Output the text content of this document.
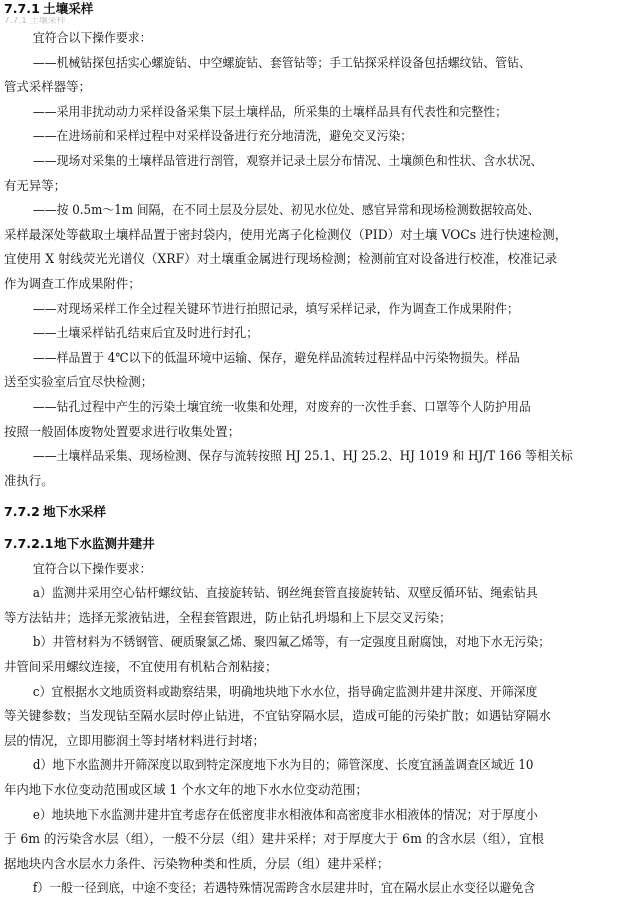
7.7.1 土壤采样
7.7.1 土壤采样
宜符合以下操作要求：
——机械钻探包括实心螺旋钻、中空螺旋钻、套管钻等；手工钻探采样设备包括螺纹钻、管钻、
管式采样器等；
——采用非扰动动力采样设备采集下层土壤样品，所采集的土壤样品具有代表性和完整性；
——在进场前和采样过程中对采样设备进行充分地清洗，避免交叉污染；
——现场对采集的土壤样品管进行剖管，观察并记录土层分布情况、土壤颜色和性状、含水状况、
有无异等；
——按 0.5m～1m 间隔，在不同土层及分层处、初见水位处、感官异常和现场检测数据较高处、
采样最深处等截取土壤样品置于密封袋内，使用光离子化检测仪（PID）对土壤 VOCs 进行快速检测，
宜使用 X 射线荧光光谱仪（XRF）对土壤重金属进行现场检测；检测前宜对设备进行校准，校准记录
作为调查工作成果附件；
——对现场采样工作全过程关键环节进行拍照记录，填写采样记录，作为调查工作成果附件；
——土壤采样钻孔结束后宜及时进行封孔；
——样品置于 4℃以下的低温环境中运输、保存，避免样品流转过程样品中污染物损失。样品
送至实验室后宜尽快检测；
——钻孔过程中产生的污染土壤宜统一收集和处理，对废弃的一次性手套、口罩等个人防护用品
按照一般固体废物处置要求进行收集处置；
——土壤样品采集、现场检测、保存与流转按照 HJ 25.1、HJ 25.2、HJ 1019 和 HJ/T 166 等相关标
准执行。
7.7.2 地下水采样
7.7.2.1 地下水监测井建井
宜符合以下操作要求：
a）监测井采用空心钻杆螺纹钻、直接旋转钻、钢丝绳套管直接旋转钻、双壁反循环钻、绳索钻具
等方法钻井；选择无浆液钻进，全程套管跟进，防止钻孔坍塌和上下层交叉污染；
b）井管材料为不锈钢管、硬质聚氯乙烯、聚四氟乙烯等，有一定强度且耐腐蚀，对地下水无污染；
井管间采用螺纹连接，不宜使用有机粘合剂粘接；
c）宜根据水文地质资料或勘察结果，明确地块地下水水位，指导确定监测井建井深度、开筛深度
等关键参数；当发现钻至隔水层时停止钻进，不宜钻穿隔水层，造成可能的污染扩散；如遇钻穿隔水
层的情况，立即用膨润土等封堵材料进行封堵；
d）地下水监测井开筛深度以取到特定深度地下水为目的；筛管深度、长度宜涵盖调查区域近 10
年内地下水位变动范围或区域 1 个水文年的地下水水位变动范围；
e）地块地下水监测井建井宜考虑存在低密度非水相液体和高密度非水相液体的情况；对于厚度小
于 6m 的污染含水层（组），一般不分层（组）建井采样；对于厚度大于 6m 的含水层（组），宜根
据地块内含水层水力条件、污染物种类和性质，分层（组）建井采样；
f）一般一径到底，中途不变径；若遇特殊情况需跨含水层建井时，宜在隔水层止水变径以避免含
